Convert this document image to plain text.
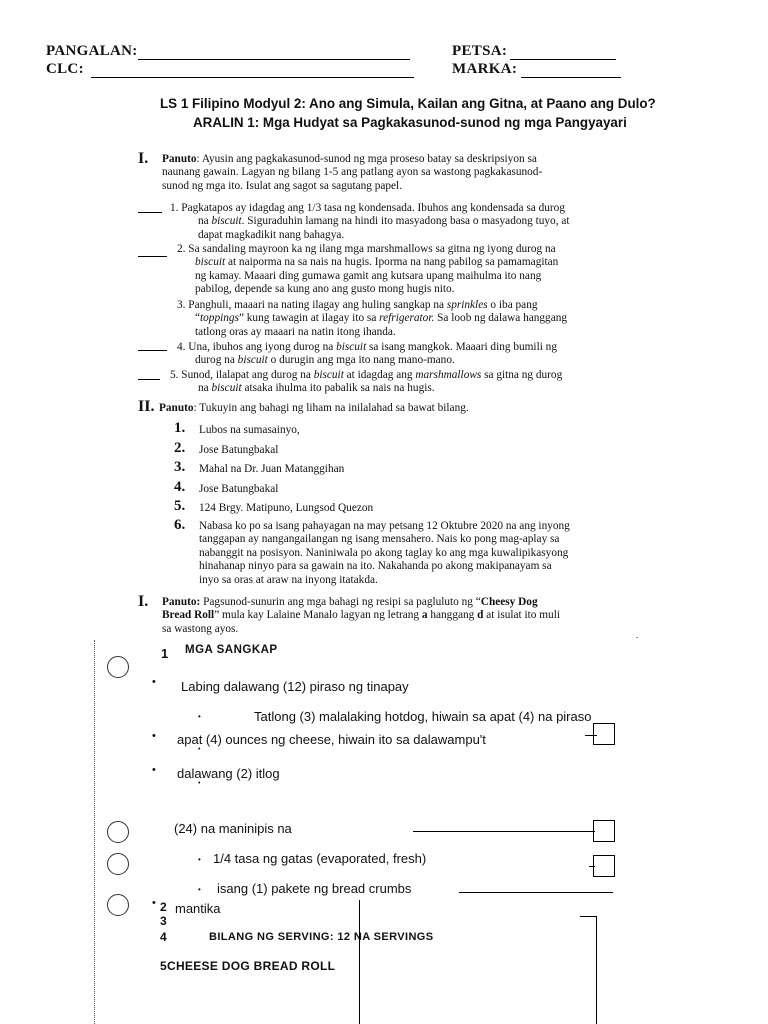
PANGALAN:	PETSA:
CLC:	MARKA:
LS 1 Filipino Modyul 2: Ano ang Simula, Kailan ang Gitna, at Paano ang Dulo?
ARALIN 1: Mga Hudyat sa Pagkakasunod-sunod ng mga Pangyayari
I. Panuto: Ayusin ang pagkakasunod-sunod ng mga proseso batay sa deskripsiyon sa
naunang gawain. Lagyan ng bilang 1-5 ang patlang ayon sa wastong pagkakasunod-
sunod ng mga ito. Isulat ang sagot sa sagutang papel.
1. Pagkatapos ay idagdag ang 1/3 tasa ng kondensada. Ibuhos ang kondensada sa durog
na biscuit. Siguraduhin lamang na hindi ito masyadong basa o masyadong tuyo, at
dapat magkadikit nang bahagya.
2. Sa sandaling mayroon ka ng ilang mga marshmallows sa gitna ng iyong durog na
biscuit at naiporma na sa nais na hugis. Iporma na nang pabilog sa pamamagitan
ng kamay. Maaari ding gumawa gamit ang kutsara upang maihulma ito nang
pabilog, depende sa kung ano ang gusto mong hugis nito.
3. Panghuli, maaari na nating ilagay ang huling sangkap na sprinkles o iba pang
“toppings” kung tawagin at ilagay ito sa refrigerator. Sa loob ng dalawa hanggang
tatlong oras ay maaari na natin itong ihanda.
4. Una, ibuhos ang iyong durog na biscuit sa isang mangkok. Maaari ding bumili ng
durog na biscuit o durugin ang mga ito nang mano-mano.
5. Sunod, ilalapat ang durog na biscuit at idagdag ang marshmallows sa gitna ng durog
na biscuit atsaka ihulma ito pabalik sa nais na hugis.
II. Panuto: Tukuyin ang bahagi ng liham na inilalahad sa bawat bilang.
1. Lubos na sumasainyo,
2. Jose Batungbakal
3. Mahal na Dr. Juan Matanggihan
4. Jose Batungbakal
5. 124 Brgy. Matipuno, Lungsod Quezon
6. Nabasa ko po sa isang pahayagan na may petsang 12 Oktubre 2020 na ang inyong
tanggapan ay nangangailangan ng isang mensahero. Nais ko pong mag-aplay sa
nabanggit na posisyon. Naniniwala po akong taglay ko ang mga kuwalipikasyong
hinahanap ninyo para sa gawain na ito. Nakahanda po akong makipanayam sa
inyo sa oras at araw na inyong itatakda.
I. Panuto: Pagsunod-sunurin ang mga bahagi ng resipi sa pagluluto ng “Cheesy Dog
Bread Roll” mula kay Lalaine Manalo lagyan ng letrang a hanggang d at isulat ito muli
sa wastong ayos.
.
1 MGA SANGKAP
• Labing dalawang (12) piraso ng tinapay
•	Tatlong (3) malalaking hotdog, hiwain sa apat (4) na piraso
• apat (4) ounces ng cheese, hiwain ito sa dalawampu't
•
• dalawang (2) itlog
•
(24) na maninipis na
• 1/4 tasa ng gatas (evaporated, fresh)
• isang (1) pakete ng bread crumbs
• 2 mantika
3
4	BILANG NG SERVING: 12 NA SERVINGS
5CHEESE DOG BREAD ROLL
